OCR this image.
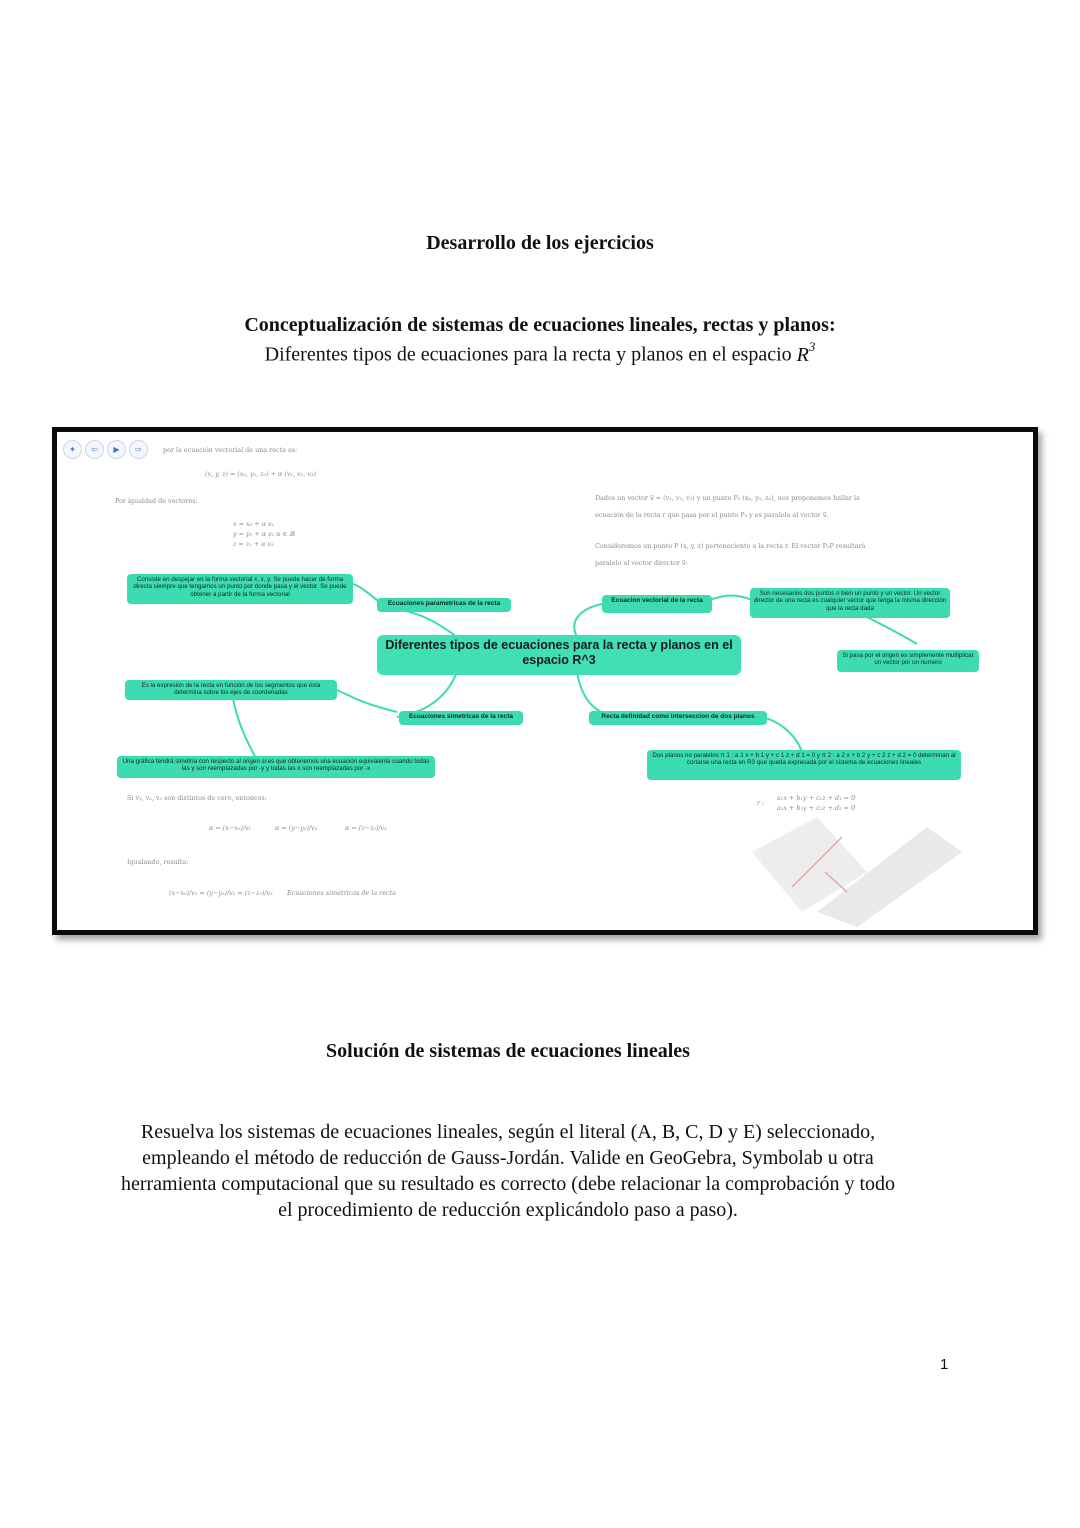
Desarrollo de los ejercicios
Conceptualización de sistemas de ecuaciones lineales, rectas y planos:
Diferentes tipos de ecuaciones para la recta y planos en el espacio $R^3$
✦	⇦	▶	⇨	por la ecuación vectorial de una recta es:
(x, y, z) = (x₀, y₀, z₀) + α (v₁, v₂, v₃)
Por igualdad de vectores:
x = x₀ + α v₁
y = y₀ + α v₂ α ∈ ℝ
z = z₀ + α v₃
Dados un vector v⃗ = (v₁, v₂, v₃) y un punto P₀ (x₀, y₀, z₀), nos proponemos hallar la
ecuación de la recta r que pasa por el punto P₀ y es paralela al vector v⃗.
Consideremos un punto P (x, y, z) perteneciente a la recta r. El vector P₀P resultará
paralelo al vector director v⃗:
Si v₁, v₂, v₃ son distintos de cero, entonces:
α = (x−x₀)/v₁	α = (y−y₀)/v₂	α = (z−z₀)/v₃
Igualando, resulta:
(x−x₀)/v₁ = (y−y₀)/v₂ = (z−z₀)/v₃ Ecuaciones simétricas de la recta
r :
a₁x + b₁y + c₁z + d₁ = 0
a₂x + b₂y + c₂z + d₂ = 0
Diferentes tipos de ecuaciones para la recta y planos en el espacio R^3
Ecuaciones parametricas de la recta	Ecuacion vectorial de la recta
Ecuaciones simetricas de la recta	Recta definidad como interseccion de dos planos
Consiste en despejar en la forma vectorial x, x, y. Se puede hacer de forma directa siempre que tengamos un punto por donde pasa y el vector. Se puede obtener a partir de la forma vectorial
Es la expresión de la recta en función de los segmentos que ésta determina sobre los ejes de coordenadas
Una gráfica tendrá simetría con respecto al origen si es que obtenemos una ecuación equivalente cuando todas las y son reemplazadas por -y y todas las x son reemplazadas por -x
Son necesarios dos puntos o bien un punto y un vector. Un vector director de una recta es cualquier vector que tenga la misma dirección que la recta dada
Si pasa por el origen es simplemente multiplicar un vector por un numero
Dos planos no paralelos π 1 : a 1 x + b 1 y + c 1 z + d 1 = 0 y π 2 : a 2 x + b 2 y + c 2 z + d 2 = 0 determinan al cortarse una recta en R3 que queda expresada por el sistema de ecuaciones lineales
Solución de sistemas de ecuaciones lineales
Resuelva los sistemas de ecuaciones lineales, según el literal (A, B, C, D y E) seleccionado, empleando el método de reducción de Gauss-Jordán. Valide en GeoGebra, Symbolab u otra herramienta computacional que su resultado es correcto (debe relacionar la comprobación y todo el procedimiento de reducción explicándolo paso a paso).
1
